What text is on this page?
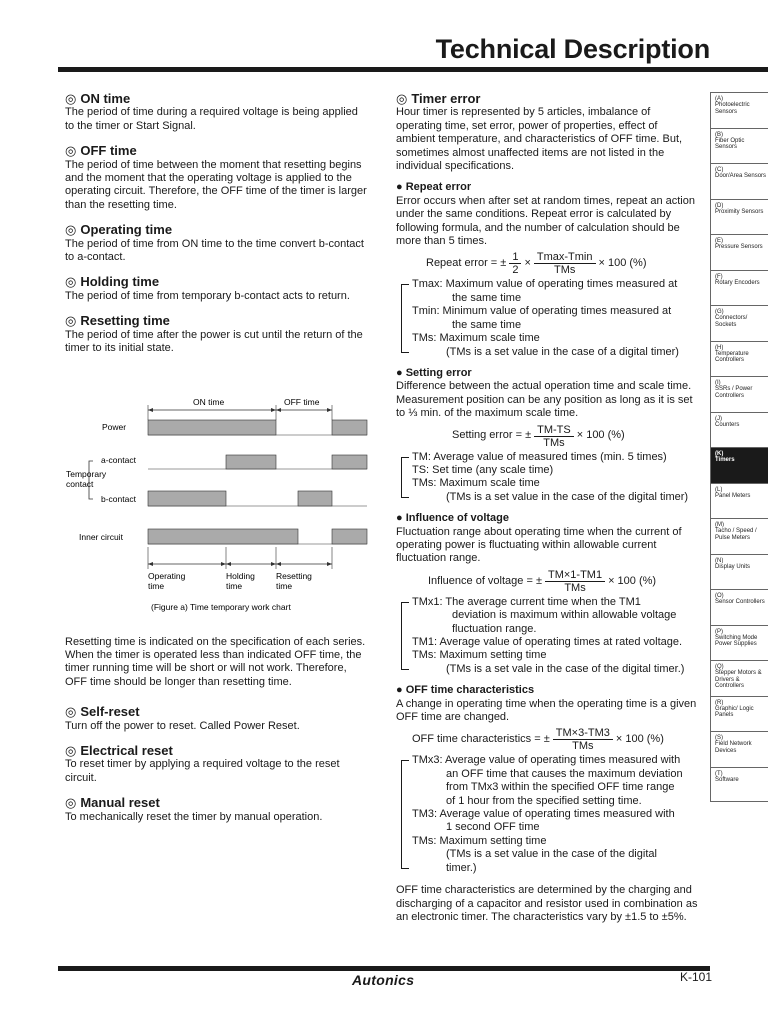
Technical Description
◎ ON time

The period of time during a required voltage is being applied to the timer or Start Signal.

◎ OFF time

The period of time between the moment that resetting begins and the moment that the operating voltage is applied to the operating circuit. Therefore, the OFF time of the timer is larger than the resetting time.

◎ Operating time

The period of time from ON time to the time convert b-contact to a-contact.

◎ Holding time

The period of time from temporary b-contact acts to return.

◎ Resetting time

The period of time after the power is cut until the return of the timer to its initial state.

Resetting time is indicated on the specification of each series. When the timer is operated less than indicated OFF time, the timer running time will be short or will not work. Therefore, OFF time should be longer than resetting time.

◎ Self-reset

Turn off the power to reset. Called Power Reset.

◎ Electrical reset

To reset timer by applying a required voltage to the reset circuit.

◎ Manual reset

To mechanically reset the timer by manual operation.

ON time	OFF time
Power
a-contact
Temporary
contact
b-contact
Inner circuit
Operating
time
Holding
time
Resetting
time
(Figure a) Time temporary work chart
◎ Timer error

Hour timer is represented by 5 articles, imbalance of operating time, set error, power of properties, effect of ambient temperature, and characteristics of OFF time. But, sometimes almost unaffected items are not listed in the individual specifications.

● Repeat error

Error occurs when after set at random times, repeat an action under the same conditions. Repeat error is calculated by following formula, and the number of calculation should be more than 5 times.

Repeat error = ± $\frac{1}{2} \times \frac{Tmax-Tmin}{\text{TMs}} \times 100$ (%)
Tmax: Maximum value of operating times measured at
the same time
Tmin: Minimum value of operating times measured at
the same time
TMs: Maximum scale time
(TMs is a set value in the case of a digital timer)
● Setting error

Difference between the actual operation time and scale time.

Measurement position can be any position as long as it is set to ⅓ min. of the maximum scale time.

Setting error = ± $\frac{TM-TS}{\text{TMs}} \times 100$ (%)
TM: Average value of measured times (min. 5 times)
TS: Set time (any scale time)
TMs: Maximum scale time
(TMs is a set value in the case of the digital timer)
● Influence of voltage

Fluctuation range about operating time when the current of operating power is fluctuating within allowable current fluctuation range.

Influence of voltage = ± $\frac{TM\times 1-TM1}{\text{TMs}} \times 100$ (%)
TMx1: The average current time when the TM1
deviation is maximum within allowable voltage
fluctuation range.
TM1: Average value of operating times at rated voltage.
TMs: Maximum setting time
(TMs is a set vale in the case of the digital timer.)
● OFF time characteristics

A change in operating time when the operating time is a given OFF time are changed.

OFF time characteristics = ± $\frac{TM\times 3-TM3}{\text{TMs}} \times 100$ (%)
TMx3: Average value of operating times measured with
an OFF time that causes the maximum deviation
from TMx3 within the specified OFF time range
of 1 hour from the specified setting time.
TM3: Average value of operating times measured with
1 second OFF time
TMs: Maximum setting time
(TMs is a set value in the case of the digital
timer.)

OFF time characteristics are determined by the charging and discharging of a capacitor and resistor used in combination as an electronic timer. The characteristics vary by ±1.5 to ±5%.

(A)
Photoelectric Sensors
(B)
Fiber Optic Sensors
(C)
Door/Area Sensors
(D)
Proximity Sensors
(E)
Pressure Sensors
(F)
Rotary Encoders
(G)
Connectors/ Sockets
(H)
Temperature Controllers
(I)
SSRs / Power Controllers
(J)
Counters
(K)
Timers
(L)
Panel Meters
(M)
Tacho / Speed / Pulse Meters
(N)
Display Units
(O)
Sensor Controllers
(P)
Switching Mode Power Supplies
(Q)
Stepper Motors & Drivers & Controllers
(R)
Graphic/ Logic Panels
(S)
Field Network Devices
(T)
Software
Autonics	K-101
